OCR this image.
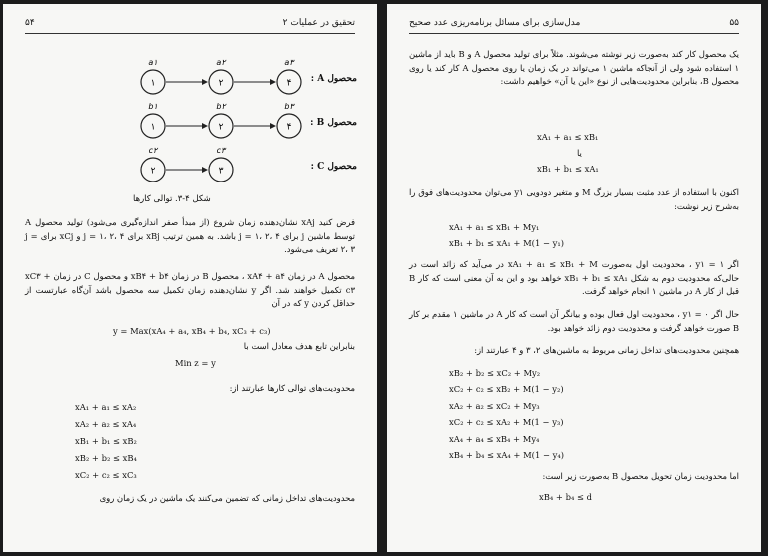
۵۴	تحقیق در عملیات ۲
۱
a۱
۲
a۲
۴
a۳
۱
b۱
۲
b۲
۴
b۳
۲
c۲
۳
c۳
محصول A :
محصول B :
محصول C :
شکل ۴-۳. توالی کارها

فرض کنید xAj نشان‌دهنده زمان شروع (از مبدأ صفر اندازه‌گیری می‌شود) تولید محصول A توسط ماشین j برای j = ۱، ۲، ۴ باشد. به همین ترتیب xBj برای j = ۱، ۲، ۴ و xCj برای j = ۲، ۳ تعریف می‌شود.

محصول A در زمان xA۴ + a۴ ، محصول B در زمان xB۴ + b۴ و محصول C در زمان xC۳ + c۳ تکمیل خواهند شد. اگر y نشان‌دهنده زمان تکمیل سه محصول باشد آن‌گاه عبارتست از حداقل کردن y که در آن

y = Max(xA₄ + a₄, xB₄ + b₄, xC₃ + c₃)

بنابراین تابع هدف معادل است با

Min z = y

محدودیت‌های توالی کارها عبارتند از:

xA₁ + a₁ ≤ xA₂
xA₂ + a₂ ≤ xA₄
xB₁ + b₁ ≤ xB₂
xB₂ + b₂ ≤ xB₄
xC₂ + c₂ ≤ xC₃

محدودیت‌های تداخل زمانی که تضمین می‌کنند یک ماشین در یک زمان روی

مدل‌سازی برای مسائل برنامه‌ریزی عدد صحیح	۵۵

یک محصول کار کند به‌صورت زیر نوشته می‌شوند. مثلاً برای تولید محصول A و B باید از ماشین ۱ استفاده شود ولی از آنجاکه ماشین ۱ می‌تواند در یک زمان یا روی محصول A کار کند یا روی محصول B، بنابراین محدودیت‌هایی از نوع «این یا آن» خواهیم داشت:

xA₁ + a₁ ≤ xB₁
یا
xB₁ + b₁ ≤ xA₁

اکنون با استفاده از عدد مثبت بسیار بزرگ M و متغیر دودویی y۱ می‌توان محدودیت‌های فوق را به‌شرح زیر نوشت:

xA₁ + a₁ ≤ xB₁ + My₁
xB₁ + b₁ ≤ xA₁ + M(1 − y₁)

اگر y۱ = ۱ ، محدودیت اول به‌صورت xA₁ + a₁ ≤ xB₁ + M در می‌آید که زائد است در حالی‌که محدودیت دوم به شکل xB₁ + b₁ ≤ xA₁ خواهد بود و این به آن معنی است که کار B قبل از کار A در ماشین ۱ انجام خواهد گرفت.

حال اگر y۱ = ۰ ، محدودیت اول فعال بوده و بیانگر آن است که کار A در ماشین ۱ مقدم بر کار B صورت خواهد گرفت و محدودیت دوم زائد خواهد بود.

همچنین محدودیت‌های تداخل زمانی مربوط به ماشین‌های ۲، ۳ و ۴ عبارتند از:

xB₂ + b₂ ≤ xC₂ + My₂
xC₂ + c₂ ≤ xB₂ + M(1 − y₂)
xA₂ + a₂ ≤ xC₂ + My₃
xC₂ + c₂ ≤ xA₂ + M(1 − y₃)
xA₄ + a₄ ≤ xB₄ + My₄
xB₄ + b₄ ≤ xA₄ + M(1 − y₄)

اما محدودیت زمان تحویل محصول B به‌صورت زیر است:

xB₄ + b₄ ≤ d
